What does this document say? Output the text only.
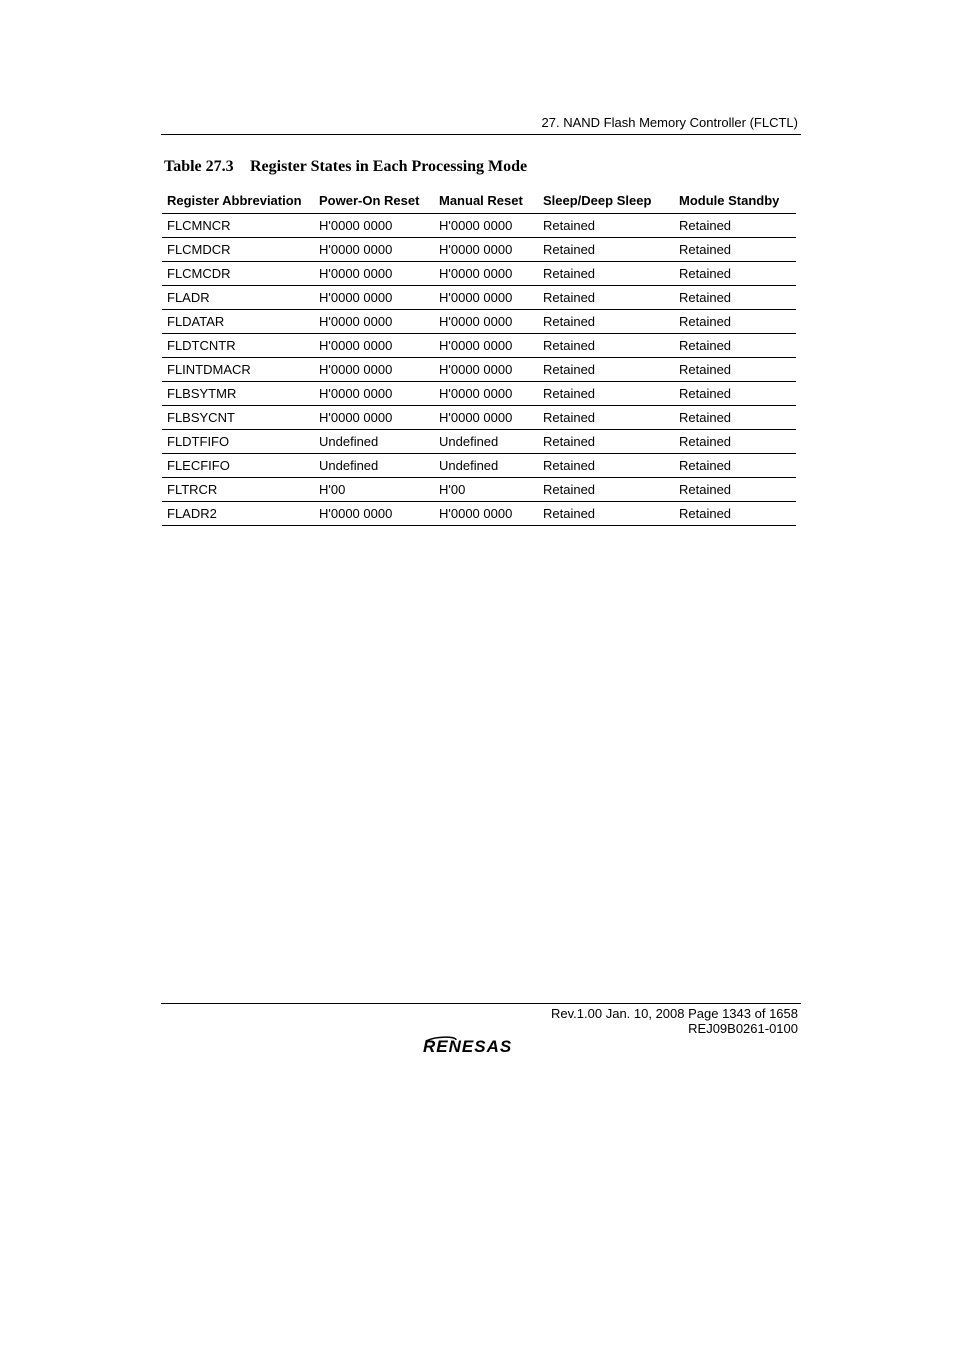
27. NAND Flash Memory Controller (FLCTL)
Table 27.3 Register States in Each Processing Mode
Register Abbreviation	Power-On Reset	Manual Reset	Sleep/Deep Sleep	Module Standby
FLCMNCR	H'0000 0000	H'0000 0000	Retained	Retained
FLCMDCR	H'0000 0000	H'0000 0000	Retained	Retained
FLCMCDR	H'0000 0000	H'0000 0000	Retained	Retained
FLADR	H'0000 0000	H'0000 0000	Retained	Retained
FLDATAR	H'0000 0000	H'0000 0000	Retained	Retained
FLDTCNTR	H'0000 0000	H'0000 0000	Retained	Retained
FLINTDMACR	H'0000 0000	H'0000 0000	Retained	Retained
FLBSYTMR	H'0000 0000	H'0000 0000	Retained	Retained
FLBSYCNT	H'0000 0000	H'0000 0000	Retained	Retained
FLDTFIFO	Undefined	Undefined	Retained	Retained
FLECFIFO	Undefined	Undefined	Retained	Retained
FLTRCR	H'00	H'00	Retained	Retained
FLADR2	H'0000 0000	H'0000 0000	Retained	Retained
Rev.1.00 Jan. 10, 2008 Page 1343 of 1658
REJ09B0261-0100
RENESAS
